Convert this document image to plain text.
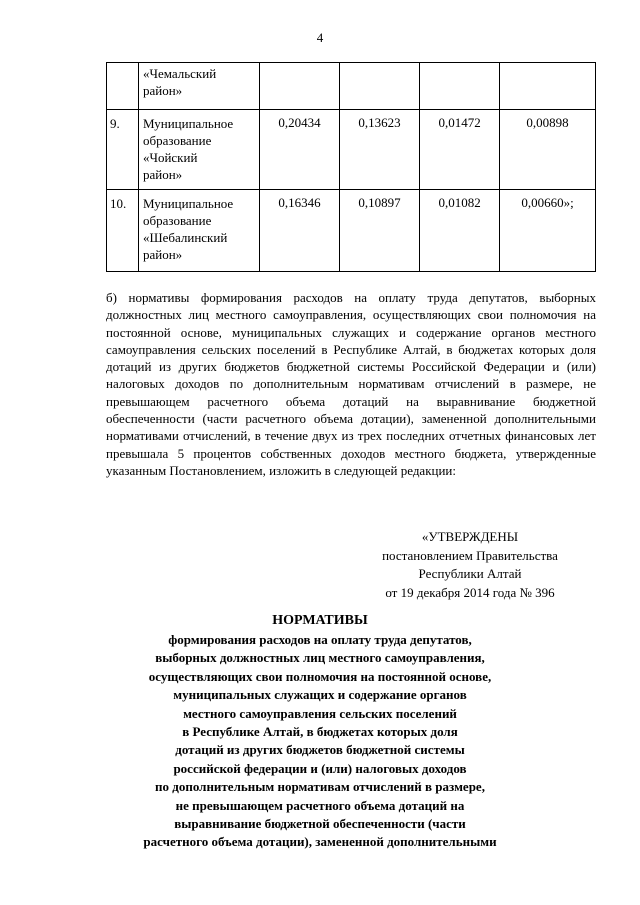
4

	«Чемальский
район»				

9.	Муниципальное
образование
«Чойский
район»	0,20434	0,13623	0,01472	0,00898
10.	Муниципальное
образование
«Шебалинский
район»	0,16346	0,10897	0,01082	0,00660»;

б) нормативы формирования расходов на оплату труда депутатов, выборных должностных лиц местного самоуправления, осуществляющих свои полномочия на постоянной основе, муниципальных служащих и содержание органов местного самоуправления сельских поселений в Республике Алтай, в бюджетах которых доля дотаций из других бюджетов бюджетной системы Российской Федерации и (или) налоговых доходов по дополнительным нормативам отчислений в размере, не превышающем расчетного объема дотаций на выравнивание бюджетной обеспеченности (части расчетного объема дотации), замененной дополнительными нормативами отчислений, в течение двух из трех последних отчетных финансовых лет превышала 5 процентов собственных доходов местного бюджета, утвержденные указанным Постановлением, изложить в следующей редакции:

«УТВЕРЖДЕНЫ
постановлением Правительства
Республики Алтай
от 19 декабря 2014 года № 396
НОРМАТИВЫ
формирования расходов на оплату труда депутатов,
выборных должностных лиц местного самоуправления,
осуществляющих свои полномочия на постоянной основе,
муниципальных служащих и содержание органов
местного самоуправления сельских поселений
в Республике Алтай, в бюджетах которых доля
дотаций из других бюджетов бюджетной системы
российской федерации и (или) налоговых доходов
по дополнительным нормативам отчислений в размере,
не превышающем расчетного объема дотаций на
выравнивание бюджетной обеспеченности (части
расчетного объема дотации), замененной дополнительными
